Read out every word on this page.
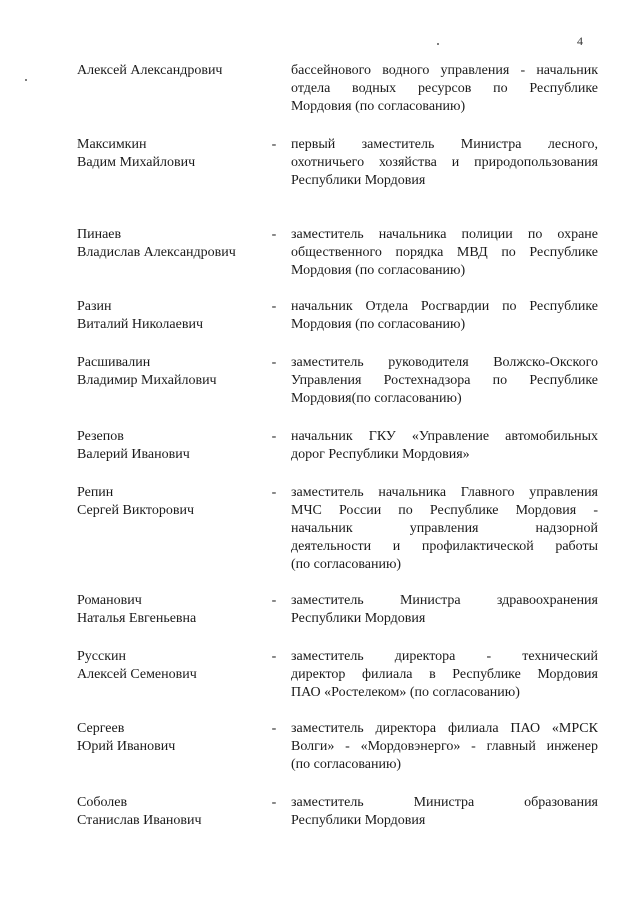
4
Алексей Александрович	бассейнового водного управления - начальник
отдела водных ресурсов по Республике
Мордовия (по согласованию)
Максимкин
Вадим Михайлович
- первый заместитель Министра лесного,
охотничьего хозяйства и природопользования
Республики Мордовия
Пинаев
Владислав Александрович
- заместитель начальника полиции по охране
общественного порядка МВД по Республике
Мордовия (по согласованию)
Разин
Виталий Николаевич
- начальник Отдела Росгвардии по Республике
Мордовия (по согласованию)
Расшивалин
Владимир Михайлович
- заместитель руководителя Волжско-Окского
Управления Ростехнадзора по Республике
Мордовия(по согласованию)
Резепов
Валерий Иванович
- начальник ГКУ «Управление автомобильных
дорог Республики Мордовия»
Репин
Сергей Викторович
- заместитель начальника Главного управления
МЧС России по Республике Мордовия -
начальник управления надзорной
деятельности и профилактической работы
(по согласованию)
Романович
Наталья Евгеньевна
- заместитель Министра здравоохранения
Республики Мордовия
Русскин
Алексей Семенович
- заместитель директора - технический
директор филиала в Республике Мордовия
ПАО «Ростелеком» (по согласованию)
Сергеев
Юрий Иванович
- заместитель директора филиала ПАО «МРСК
Волги» - «Мордовэнерго» - главный инженер
(по согласованию)
Соболев
Станислав Иванович
- заместитель Министра образования
Республики Мордовия
